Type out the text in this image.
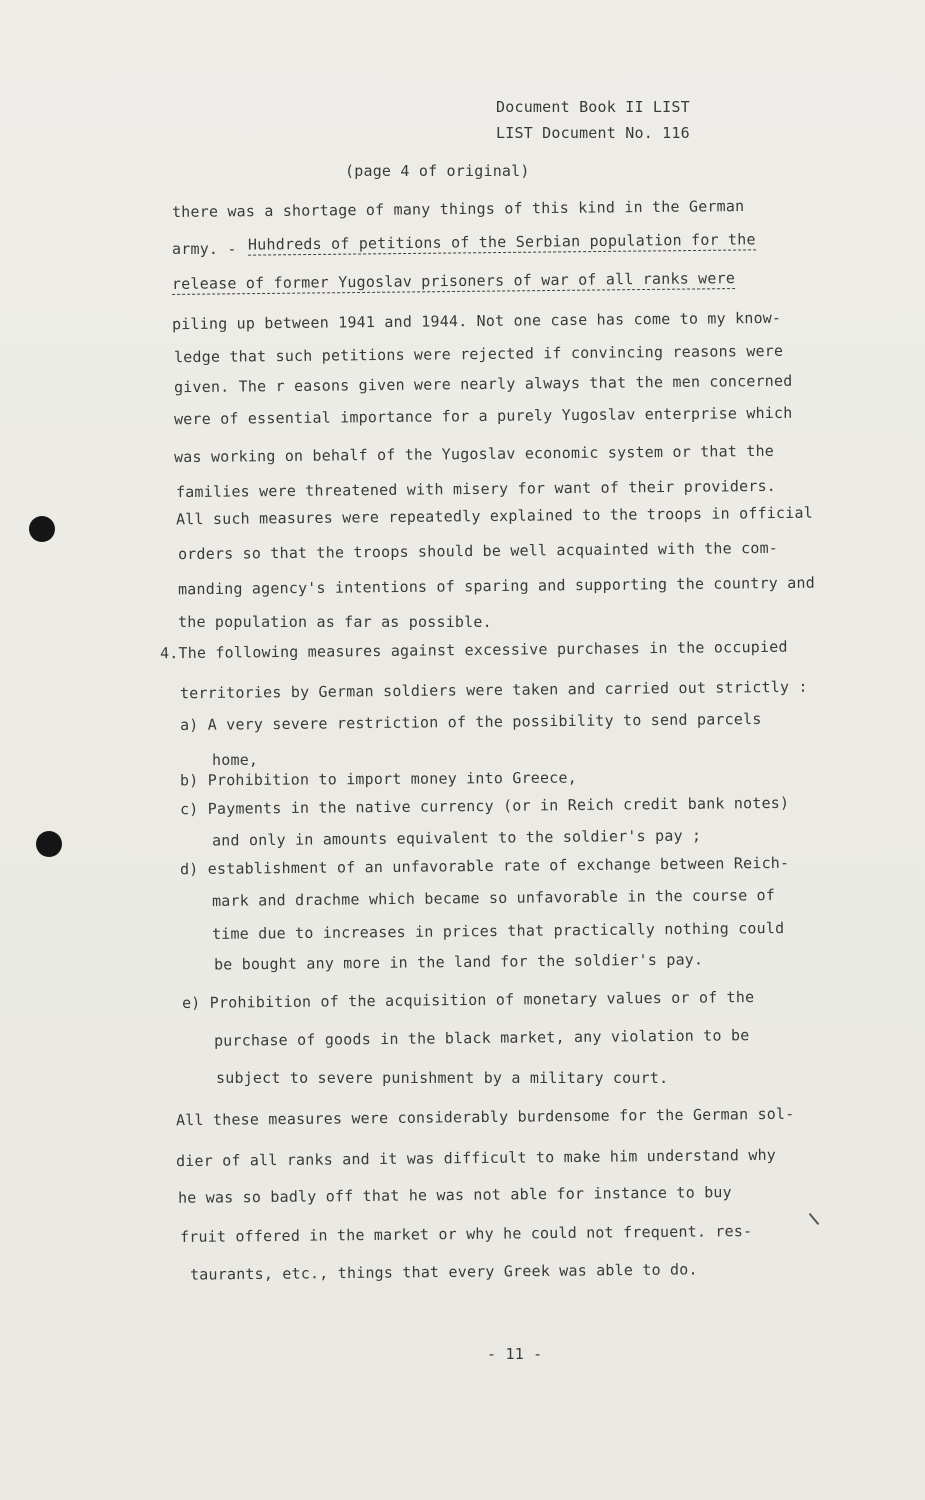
Document Book II LIST
LIST Document No. 116
(page 4 of original)
there was a shortage of many things of this kind in the German
army. - Huhdreds of petitions of the Serbian population for the
release of former Yugoslav prisoners of war of all ranks were
piling up between 1941 and 1944. Not one case has come to my know-
ledge that such petitions were rejected if convincing reasons were
given. The r easons given were nearly always that the men concerned
were of essential importance for a purely Yugoslav enterprise which
was working on behalf of the Yugoslav economic system or that the
families were threatened with misery for want of their providers.
All such measures were repeatedly explained to the troops in official
orders so that the troops should be well acquainted with the com-
manding agency's intentions of sparing and supporting the country and
the population as far as possible.
4.The following measures against excessive purchases in the occupied
territories by German soldiers were taken and carried out strictly :
a) A very severe restriction of the possibility to send parcels
home,
b) Prohibition to import money into Greece,
c) Payments in the native currency (or in Reich credit bank notes)
and only in amounts equivalent to the soldier's pay ;
d) establishment of an unfavorable rate of exchange between Reich-
mark and drachme which became so unfavorable in the course of
time due to increases in prices that practically nothing could
be bought any more in the land for the soldier's pay.
e) Prohibition of the acquisition of monetary values or of the
purchase of goods in the black market, any violation to be
subject to severe punishment by a military court.
All these measures were considerably burdensome for the German sol-
dier of all ranks and it was difficult to make him understand why
he was so badly off that he was not able for instance to buy
fruit offered in the market or why he could not frequent. res-
taurants, etc., things that every Greek was able to do.
- 11 -
